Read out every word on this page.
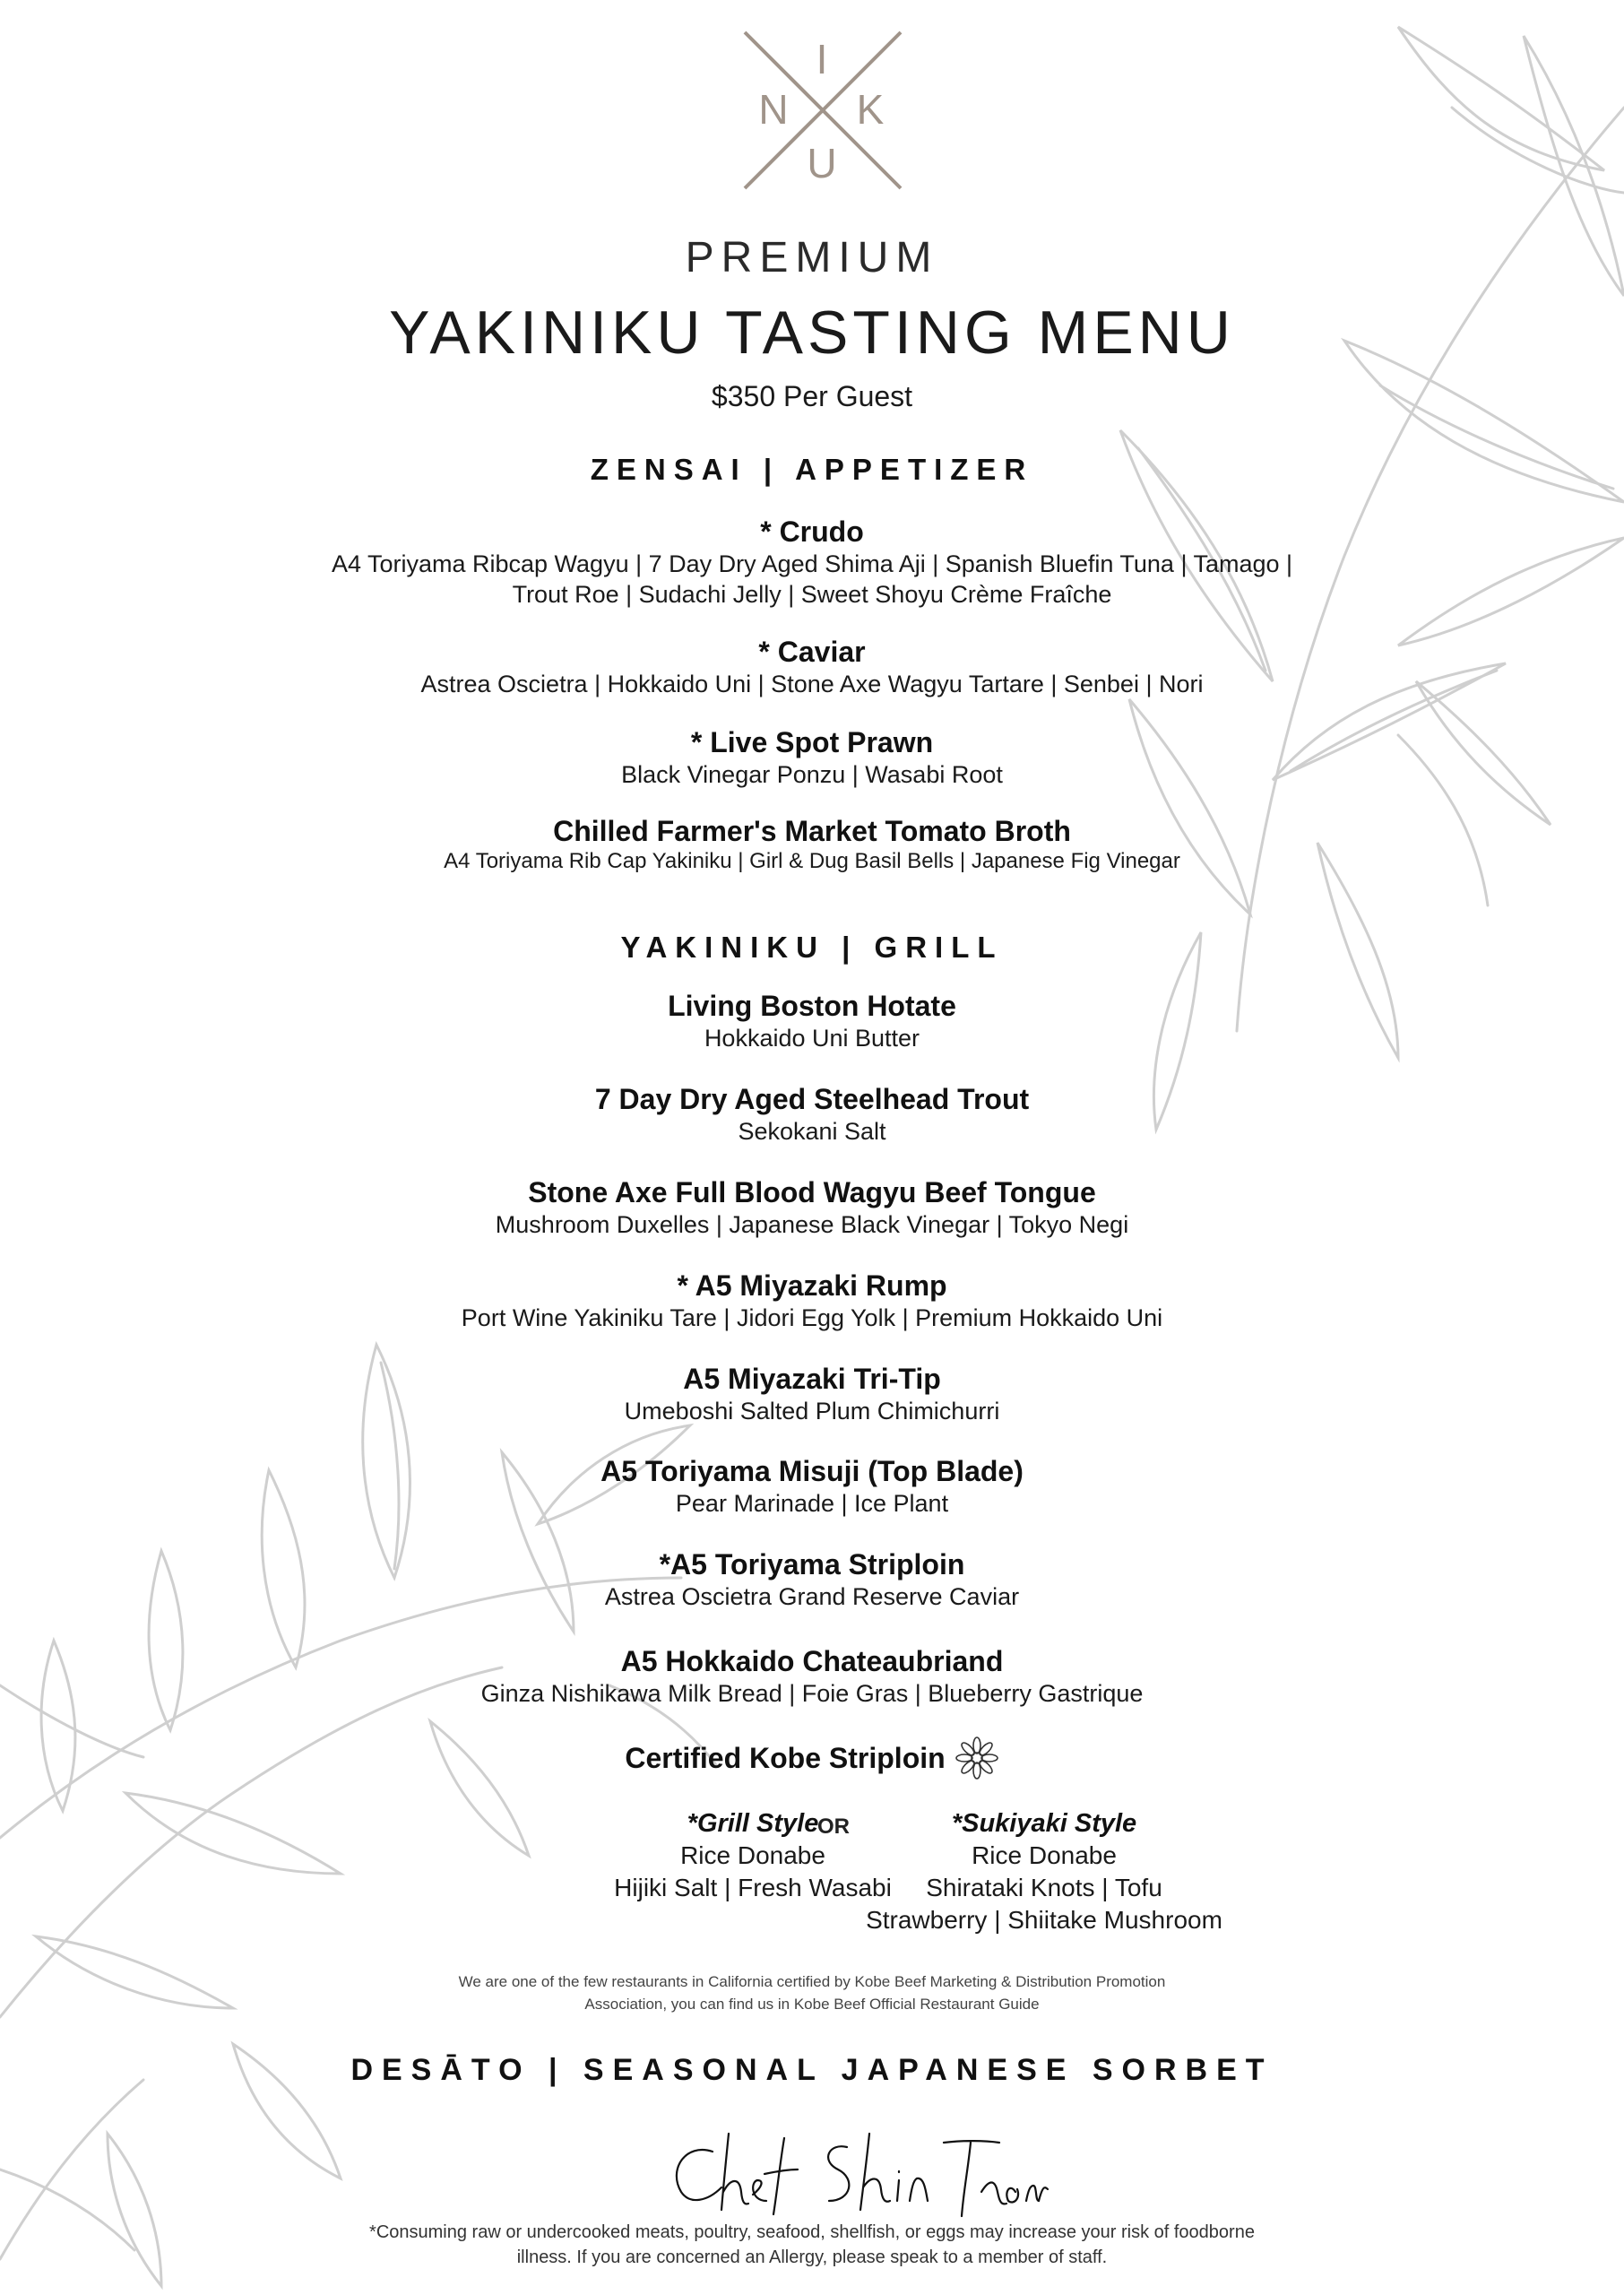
I
N K
U
PREMIUM
YAKINIKU TASTING MENU
$350 Per Guest
ZENSAI | APPETIZER
* Crudo
A4 Toriyama Ribcap Wagyu | 7 Day Dry Aged Shima Aji | Spanish Bluefin Tuna | Tamago |
Trout Roe | Sudachi Jelly | Sweet Shoyu Crème Fraîche
* Caviar
Astrea Oscietra | Hokkaido Uni | Stone Axe Wagyu Tartare | Senbei | Nori
* Live Spot Prawn
Black Vinegar Ponzu | Wasabi Root
Chilled Farmer's Market Tomato Broth
A4 Toriyama Rib Cap Yakiniku | Girl & Dug Basil Bells | Japanese Fig Vinegar
YAKINIKU | GRILL
Living Boston Hotate
Hokkaido Uni Butter
7 Day Dry Aged Steelhead Trout
Sekokani Salt
Stone Axe Full Blood Wagyu Beef Tongue
Mushroom Duxelles | Japanese Black Vinegar | Tokyo Negi
* A5 Miyazaki Rump
Port Wine Yakiniku Tare | Jidori Egg Yolk | Premium Hokkaido Uni
A5 Miyazaki Tri-Tip
Umeboshi Salted Plum Chimichurri
A5 Toriyama Misuji (Top Blade)
Pear Marinade | Ice Plant
*A5 Toriyama Striploin
Astrea Oscietra Grand Reserve Caviar
A5 Hokkaido Chateaubriand
Ginza Nishikawa Milk Bread | Foie Gras | Blueberry Gastrique
Certified Kobe Striploin
*Grill Style
Rice Donabe
Hijiki Salt | Fresh Wasabi
OR	*Sukiyaki Style
Rice Donabe
Shirataki Knots | Tofu
Strawberry | Shiitake Mushroom
We are one of the few restaurants in California certified by Kobe Beef Marketing & Distribution Promotion
Association, you can find us in Kobe Beef Official Restaurant Guide
DESĀTO | SEASONAL JAPANESE SORBET
*Consuming raw or undercooked meats, poultry, seafood, shellfish, or eggs may increase your risk of foodborne
illness. If you are concerned an Allergy, please speak to a member of staff.
